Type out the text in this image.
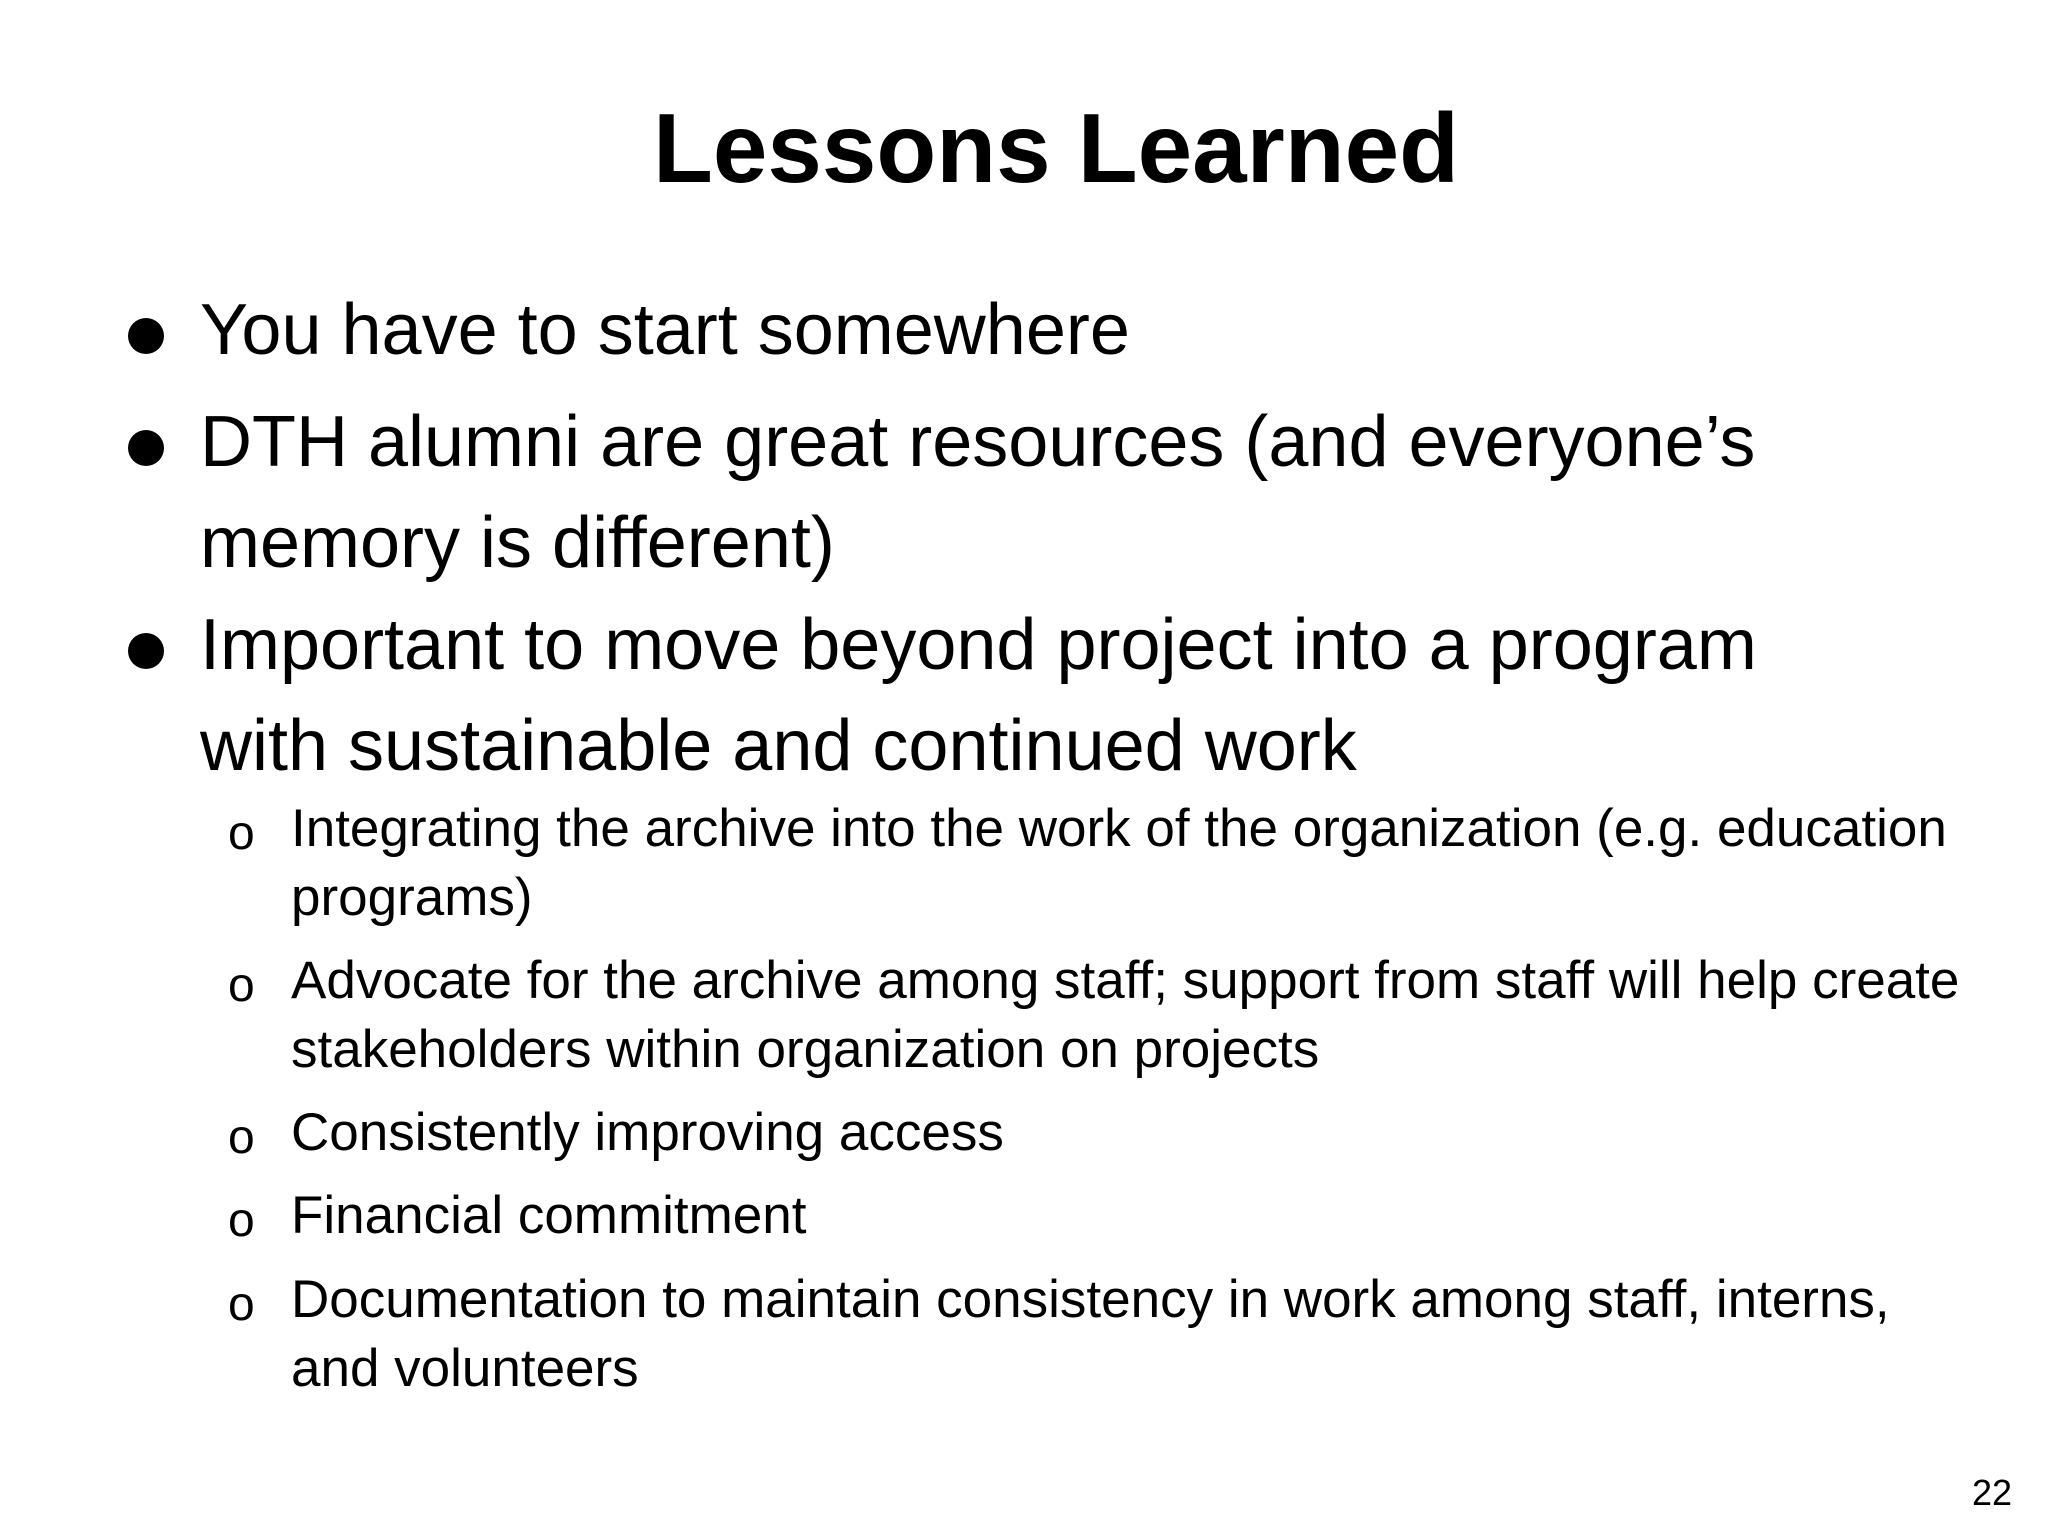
Lessons Learned
You have to start somewhere
DTH alumni are great resources (and everyone’s memory is different)
Important to move beyond project into a program with sustainable and continued work
o Integrating the archive into the work of the organization (e.g. education programs)
o Advocate for the archive among staff; support from staff will help create stakeholders within organization on projects
o Consistently improving access
o Financial commitment
o Documentation to maintain consistency in work among staff, interns, and volunteers
22
